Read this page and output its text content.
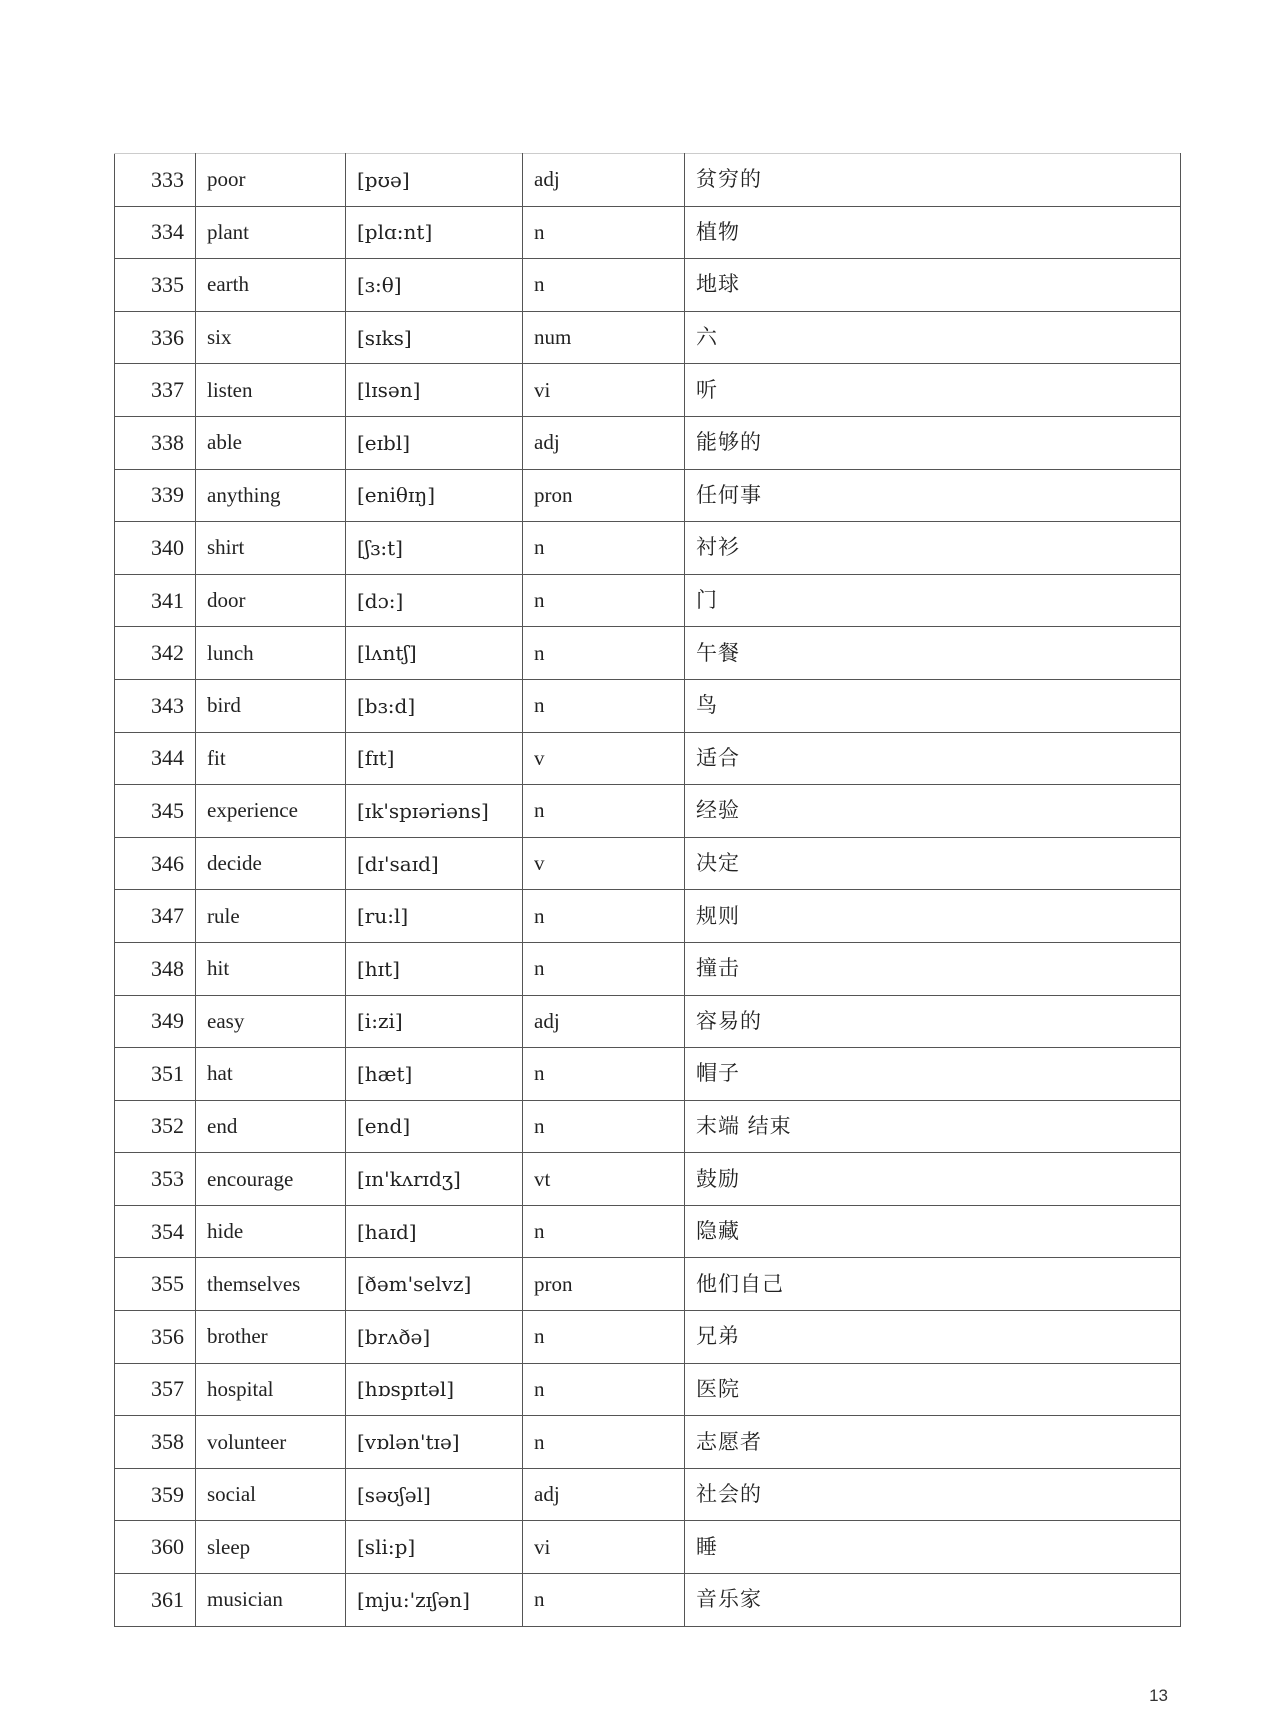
333	poor	[pʊə]	adj	贫穷的
334	plant	[plɑ:nt]	n	植物
335	earth	[ɜ:θ]	n	地球
336	six	[sɪks]	num	六
337	listen	[lɪsən]	vi	听
338	able	[eɪbl]	adj	能够的
339	anything	[eniθɪŋ]	pron	任何事
340	shirt	[ʃɜ:t]	n	衬衫
341	door	[dɔ:]	n	门
342	lunch	[lʌntʃ]	n	午餐
343	bird	[bɜ:d]	n	鸟
344	fit	[fɪt]	v	适合
345	experience	[ɪk'spɪəriəns]	n	经验
346	decide	[dɪ'saɪd]	v	决定
347	rule	[ru:l]	n	规则
348	hit	[hɪt]	n	撞击
349	easy	[i:zi]	adj	容易的
351	hat	[hæt]	n	帽子
352	end	[end]	n	末端 结束
353	encourage	[ɪn'kʌrɪdʒ]	vt	鼓励
354	hide	[haɪd]	n	隐藏
355	themselves	[ðəm'selvz]	pron	他们自己
356	brother	[brʌðə]	n	兄弟
357	hospital	[hɒspɪtəl]	n	医院
358	volunteer	[vɒlən'tɪə]	n	志愿者
359	social	[səʊʃəl]	adj	社会的
360	sleep	[sli:p]	vi	睡
361	musician	[mju:'zɪʃən]	n	音乐家
13
